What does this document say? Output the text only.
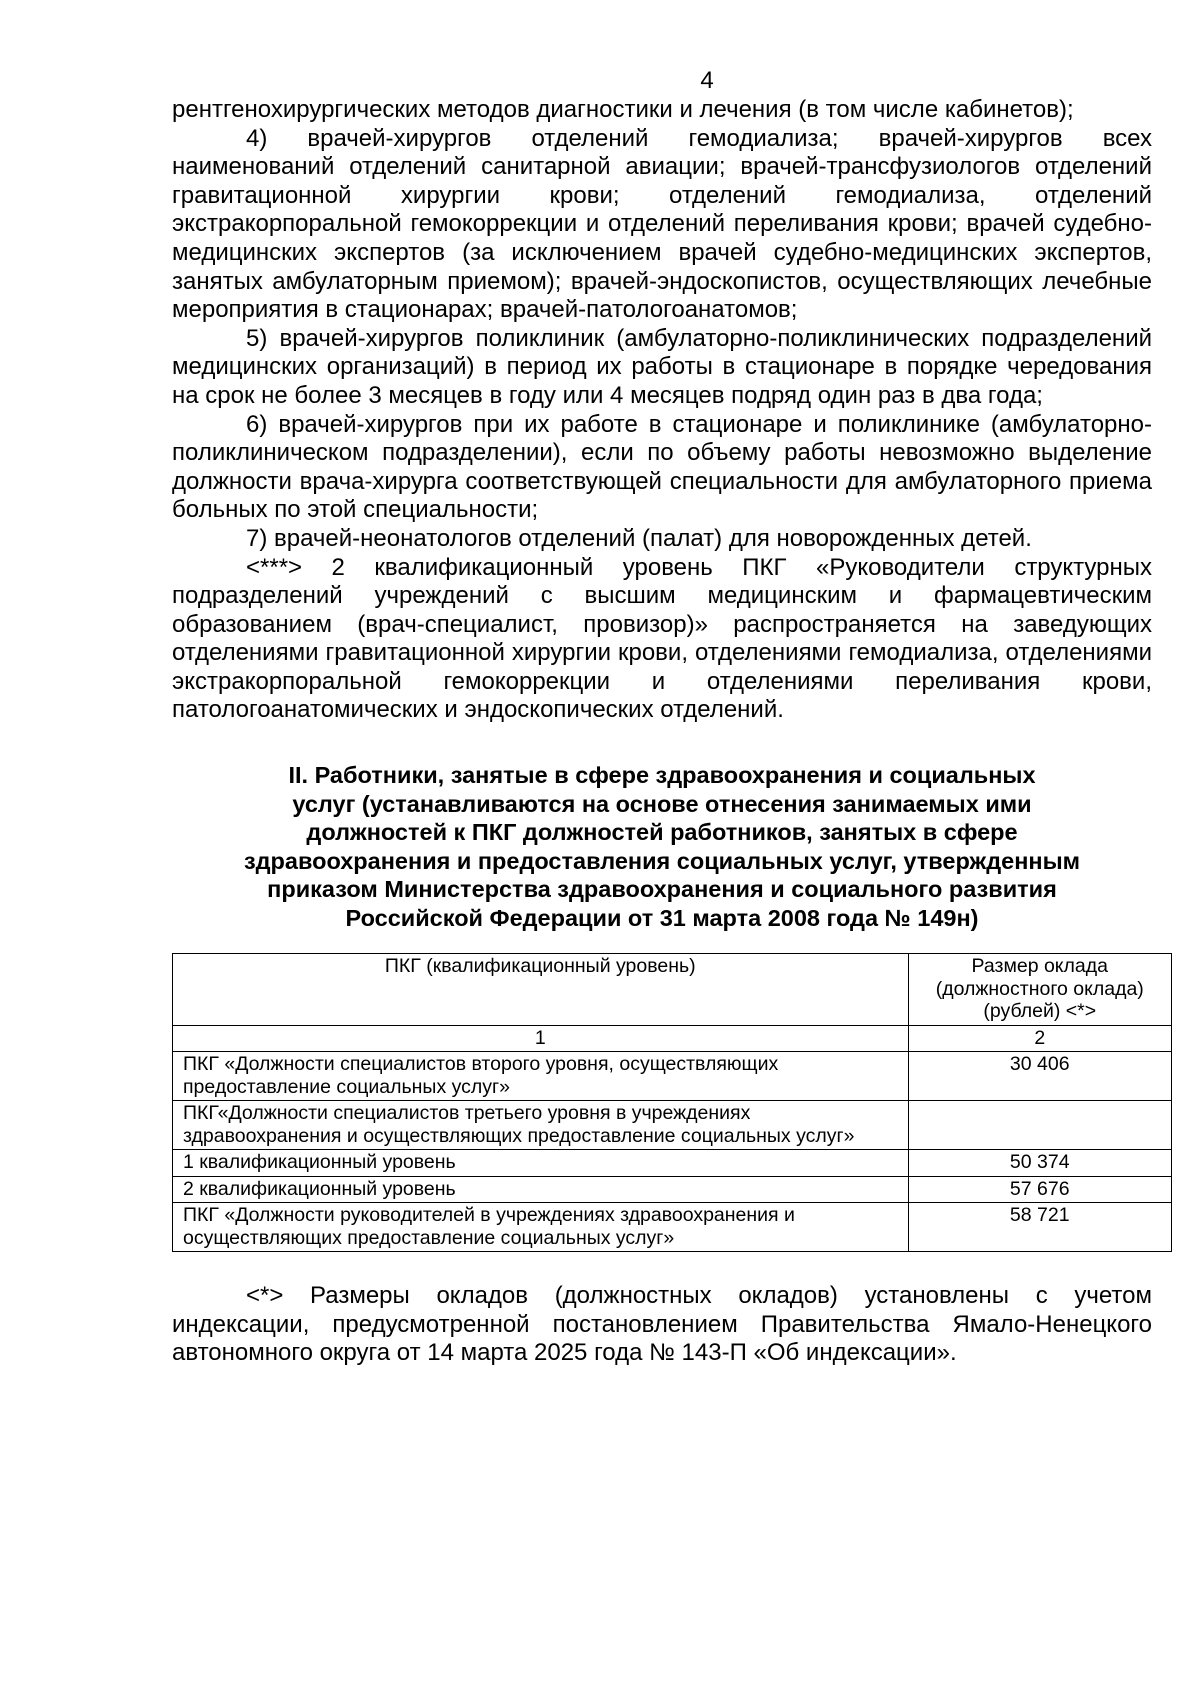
4

рентгенохирургических методов диагностики и лечения (в том числе кабинетов);

4) врачей-хирургов отделений гемодиализа; врачей-хирургов всех наименований отделений санитарной авиации; врачей-трансфузиологов отделений гравитационной хирургии крови; отделений гемодиализа, отделений экстракорпоральной гемокоррекции и отделений переливания крови; врачей судебно-медицинских экспертов (за исключением врачей судебно-медицинских экспертов, занятых амбулаторным приемом); врачей-эндоскопистов, осуществляющих лечебные мероприятия в стационарах; врачей-патологоанатомов;

5) врачей-хирургов поликлиник (амбулаторно-поликлинических подразделений медицинских организаций) в период их работы в стационаре в порядке чередования на срок не более 3 месяцев в году или 4 месяцев подряд один раз в два года;

6) врачей-хирургов при их работе в стационаре и поликлинике (амбулаторно-поликлиническом подразделении), если по объему работы невозможно выделение должности врача-хирурга соответствующей специальности для амбулаторного приема больных по этой специальности;

7) врачей-неонатологов отделений (палат) для новорожденных детей.

<***> 2 квалификационный уровень ПКГ «Руководители структурных подразделений учреждений с высшим медицинским и фармацевтическим образованием (врач-специалист, провизор)» распространяется на заведующих отделениями гравитационной хирургии крови, отделениями гемодиализа, отделениями экстракорпоральной гемокоррекции и отделениями переливания крови, патологоанатомических и эндоскопических отделений.

II. Работники, занятые в сфере здравоохранения и социальных
услуг (устанавливаются на основе отнесения занимаемых ими
должностей к ПКГ должностей работников, занятых в сфере
здравоохранения и предоставления социальных услуг, утвержденным
приказом Министерства здравоохранения и социального развития
Российской Федерации от 31 марта 2008 года № 149н)
ПКГ (квалификационный уровень)	Размер оклада (должностного оклада) (рублей) <*>
1	2
ПКГ «Должности специалистов второго уровня, осуществляющих предоставление социальных услуг»	30 406
ПКГ«Должности специалистов третьего уровня в учреждениях здравоохранения и осуществляющих предоставление социальных услуг»	
1 квалификационный уровень	50 374
2 квалификационный уровень	57 676
ПКГ «Должности руководителей в учреждениях здравоохранения и осуществляющих предоставление социальных услуг»	58 721

<*> Размеры окладов (должностных окладов) установлены с учетом индексации, предусмотренной постановлением Правительства Ямало-Ненецкого автономного округа от 14 марта 2025 года № 143-П «Об индексации».
